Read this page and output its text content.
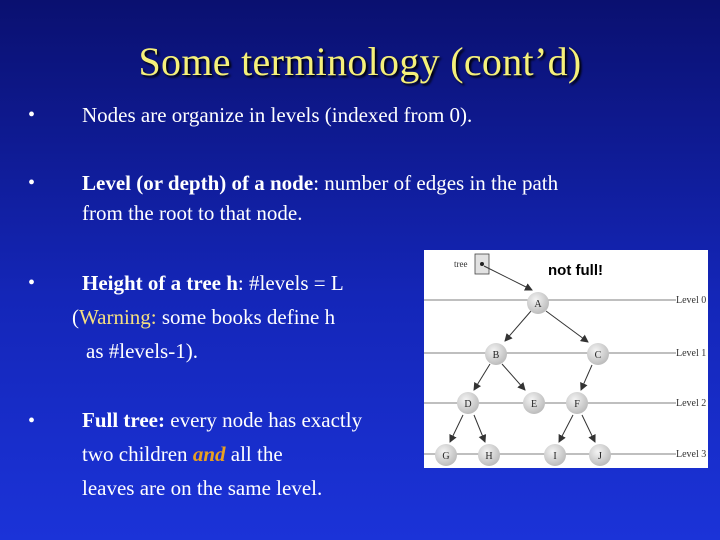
Some terminology (cont’d)
• Nodes are organize in levels (indexed from 0).
• Level (or depth) of a node: number of edges in the path
from the root to that node.
• Height of a tree h: #levels = L
(Warning: some books define h
as #levels-1).
• Full tree: every node has exactly
two children and all the
leaves are on the same level.
Level 0
Level 1
Level 2
Level 3
tree
A
B	C
D	E	F
G	H	I	J
not full!
